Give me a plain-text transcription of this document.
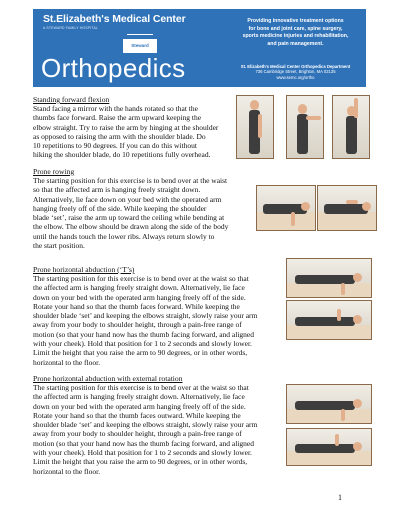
St.Elizabeth's Medical Center
A STEWARD FAMILY HOSPITAL
Steward
Orthopedics
Providing innovative treatment options
for bone and joint care, spine surgery,
sports medicine injuries and rehabilitation,
and pain management.
St. Elizabeth's Medical Center Orthopedics Department
736 Cambridge Street, Brighton, MA 02135
www.semc.org/ortho
Standing forward flexion
Stand facing a mirror with the hands rotated so that the
thumbs face forward. Raise the arm upward keeping the
elbow straight. Try to raise the arm by hinging at the shoulder
as opposed to raising the arm with the shoulder blade. Do
10 repetitions to 90 degrees. If you can do this without
hiking the shoulder blade, do 10 repetitions fully overhead.
Prone rowing
The starting position for this exercise is to bend over at the waist
so that the affected arm is hanging freely straight down.
Alternatively, lie face down on your bed with the operated arm
hanging freely off of the side. While keeping the shoulder
blade ‘set’, raise the arm up toward the ceiling while bending at
the elbow. The elbow should be drawn along the side of the body
until the hands touch the lower ribs. Always return slowly to
the start position.
Prone horizontal abduction (‘T’s)
The starting position for this exercise is to bend over at the waist so that
the affected arm is hanging freely straight down. Alternatively, lie face
down on your bed with the operated arm hanging freely off of the side.
Rotate your hand so that the thumb faces forward. While keeping the
shoulder blade ‘set’ and keeping the elbows straight, slowly raise your arm
away from your body to shoulder height, through a pain-free range of
motion (so that your hand now has the thumb facing forward, and aligned
with your cheek). Hold that position for 1 to 2 seconds and slowly lower.
Limit the height that you raise the arm to 90 degrees, or in other words,
horizontal to the floor.
Prone horizontal abduction with external rotation
The starting position for this exercise is to bend over at the waist so that
the affected arm is hanging freely straight down. Alternatively, lie face
down on your bed with the operated arm hanging freely off of the side.
Rotate your hand so that the thumb faces outward. While keeping the
shoulder blade ‘set’ and keeping the elbows straight, slowly raise your arm
away from your body to shoulder height, through a pain-free range of
motion (so that your hand now has the thumb facing forward, and aligned
with your cheek). Hold that position for 1 to 2 seconds and slowly lower.
Limit the height that you raise the arm to 90 degrees, or in other words,
horizontal to the floor.
1
